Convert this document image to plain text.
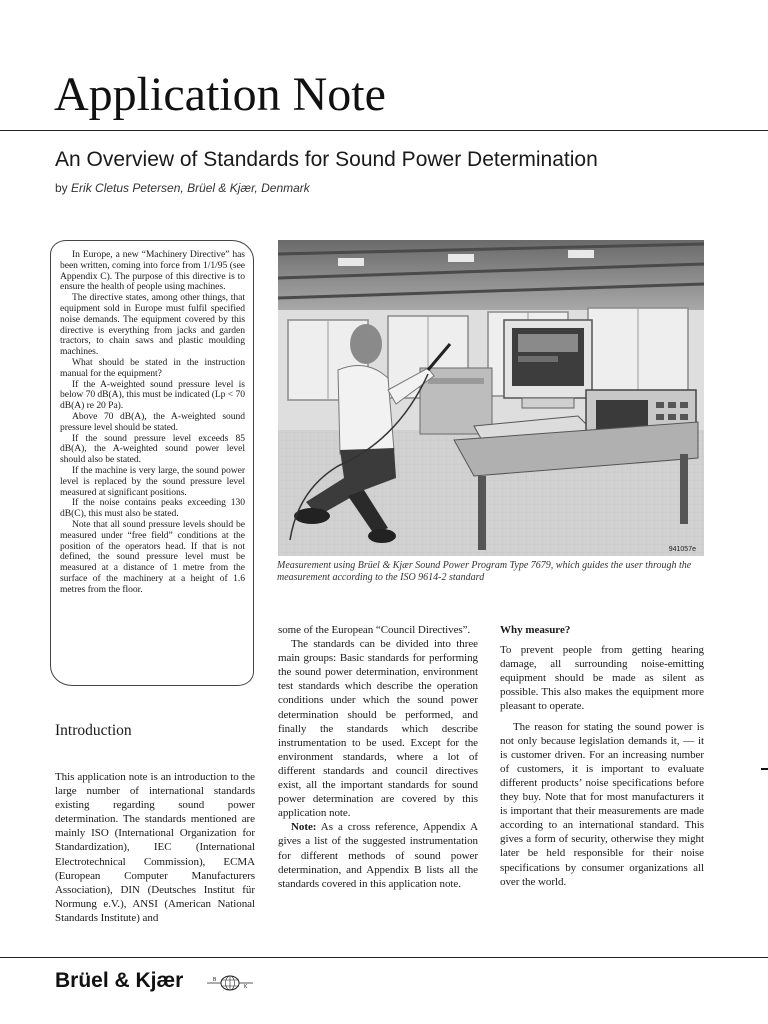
Application Note
An Overview of Standards for Sound Power Determination
by Erik Cletus Petersen, Brüel & Kjær, Denmark

In Europe, a new “Machinery Directive” has been written, coming into force from 1/1/95 (see Appendix C). The purpose of this directive is to ensure the health of people using machines.

The directive states, among other things, that equipment sold in Europe must fulfil specified noise demands. The equipment covered by this directive is everything from jacks and garden tractors, to chain saws and plastic moulding machines.

What should be stated in the instruction manual for the equipment?

If the A-weighted sound pressure level is below 70 dB(A), this must be indicated (Lp < 70 dB(A) re 20 Pa).

Above 70 dB(A), the A-weighted sound pressure level should be stated.

If the sound pressure level exceeds 85 dB(A), the A-weighted sound power level should also be stated.

If the machine is very large, the sound power level is replaced by the sound pressure level measured at significant positions.

If the noise contains peaks exceeding 130 dB(C), this must also be stated.

Note that all sound pressure levels should be measured under “free field” conditions at the position of the operators head. If that is not defined, the sound pressure level must be measured at a distance of 1 metre from the surface of the machinery at a height of 1.6 metres from the floor.

941057e
Measurement using Brüel & Kjær Sound Power Program Type 7679, which guides the user through the measurement according to the ISO 9614-2 standard
Introduction

This application note is an introduction to the large number of international standards existing regarding sound power determination. The standards mentioned are mainly ISO (International Organization for Standardization), IEC (International Electrotechnical Commission), ECMA (European Computer Manufacturers Association), DIN (Deutsches Institut für Normung e.V.), ANSI (American National Standards Institute) and

some of the European “Council Directives”.

The standards can be divided into three main groups: Basic standards for performing the sound power determination, environment test standards which describe the operation conditions under which the sound power determination should be performed, and finally the standards which describe instrumentation to be used. Except for the environment standards, where a lot of different standards and council directives exist, all the important standards for sound power determination are covered by this application note.

Note: As a cross reference, Appendix A gives a list of the suggested instrumentation for different methods of sound power determination, and Appendix B lists all the standards covered in this application note.

Why measure?

To prevent people from getting hearing damage, all surrounding noise-emitting equipment should be made as silent as possible. This also makes the equipment more pleasant to operate.

The reason for stating the sound power is not only because legislation demands it, — it is customer driven. For an increasing number of customers, it is important to evaluate different products’ noise specifications before they buy. Note that for most manufacturers it is important that their measurements are made according to an international standard. This gives a form of security, otherwise they might later be held responsible for their noise specifications by consumer organizations all over the world.

Brüel & Kjær	B
K
